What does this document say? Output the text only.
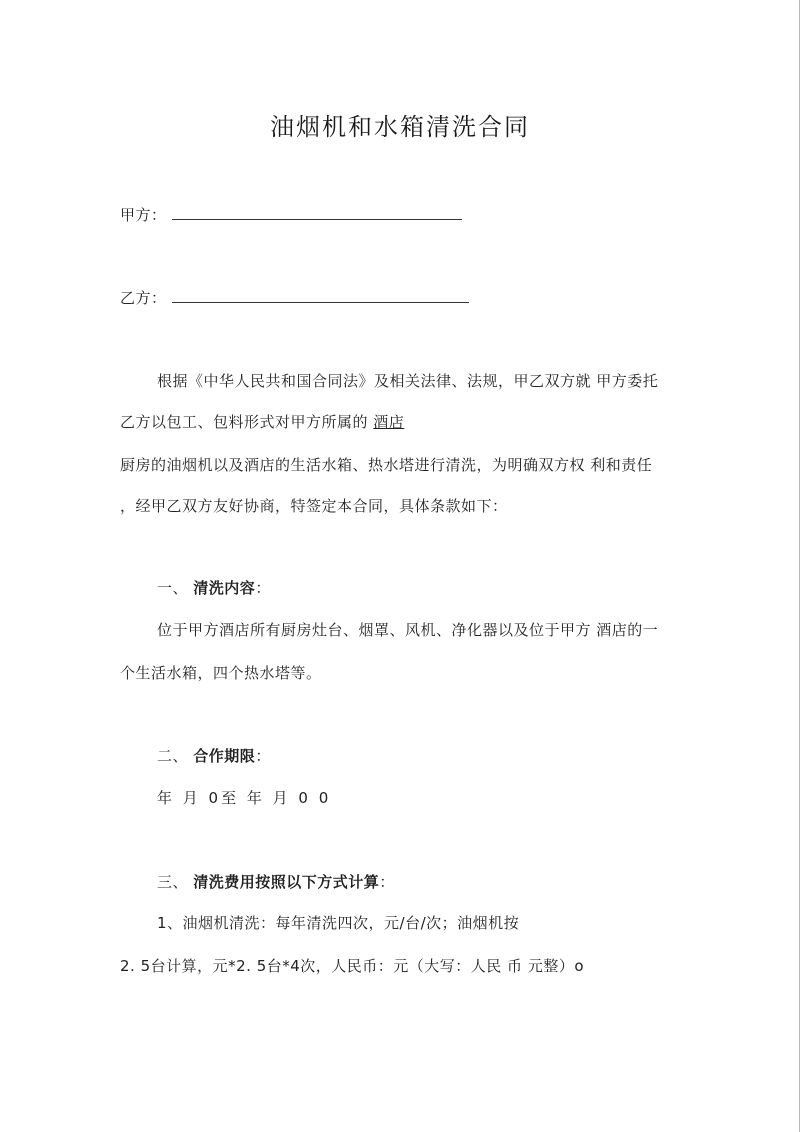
油烟机和水箱清洗合同
甲方：
乙方：
根据《中华人民共和国合同法》及相关法律、法规，甲乙双方就 甲方委托
乙方以包工、包料形式对甲方所属的 酒店
厨房的油烟机以及酒店的生活水箱、热水塔进行清洗，为明确双方权 利和责任
，经甲乙双方友好协商，特签定本合同，具体条款如下：
一、 清洗内容：
位于甲方酒店所有厨房灶台、烟罩、风机、净化器以及位于甲方 酒店的一
个生活水箱，四个热水塔等。
二、 合作期限：
年 月 0至 年 月 0 0
三、 清洗费用按照以下方式计算：
1、油烟机清洗：每年清洗四次，元/台/次；油烟机按
2. 5台计算，元*2. 5台*4次，人民币：元（大写：人民 币 元整）o
